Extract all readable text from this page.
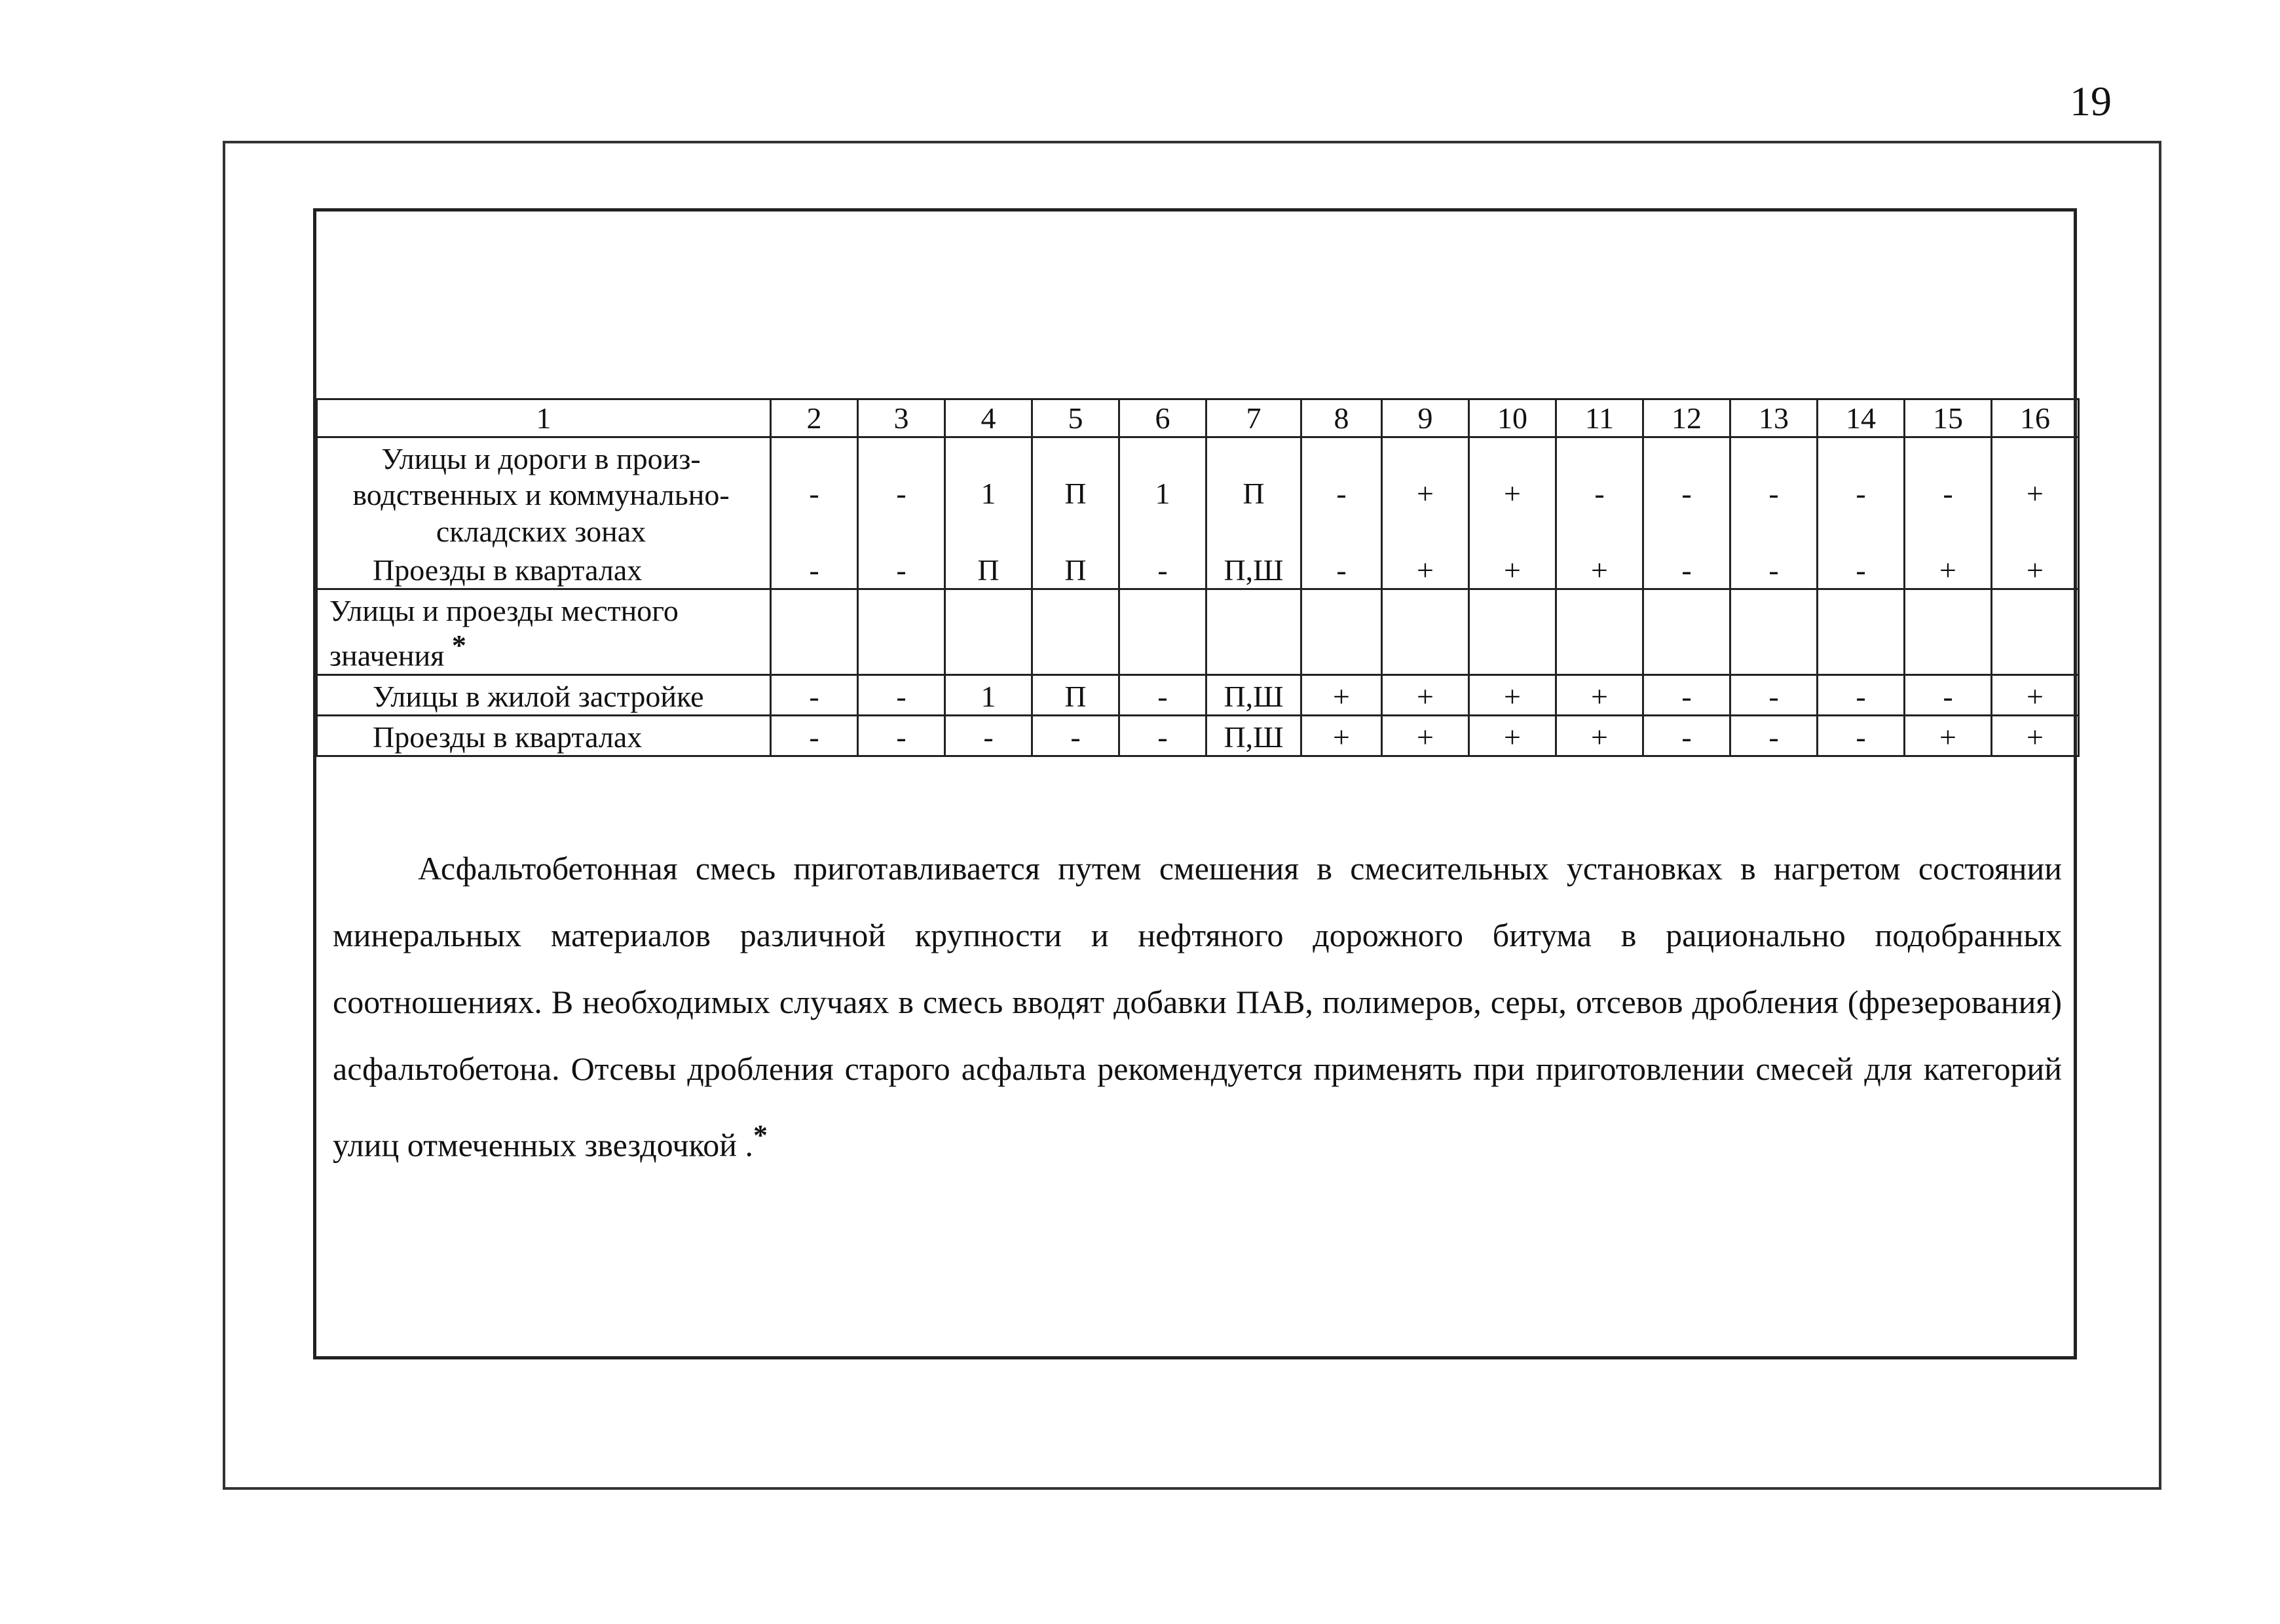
19
1	2	3	4	5	6	7	8	9	10	11	12	13	14	15	16
Улицы и дороги в произ-водственных и коммунально-складских зонах	-	-	1	П	1	П	-	+	+	-	-	-	-	-	+
Проезды в кварталах	-	-	П	П	-	П,Ш	-	+	+	+	-	-	-	+	+
Улицы и проезды местного значения *															
Улицы в жилой застройке	-	-	1	П	-	П,Ш	+	+	+	+	-	-	-	-	+
Проезды в кварталах	-	-	-	-	-	П,Ш	+	+	+	+	-	-	-	+	+

Асфальтобетонная смесь приготавливается путем смешения в смесительных установках в нагретом состоянии минеральных материалов различной крупности и нефтяного дорожного битума в рационально подобранных соотношениях. В необходимых случаях в смесь вводят добавки ПАВ, полимеров, серы, отсевов дробления (фрезерования) асфальтобетона. Отсевы дробления старого асфальта рекомендуется применять при приготовлении смесей для категорий улиц отмеченных звездочкой .*
